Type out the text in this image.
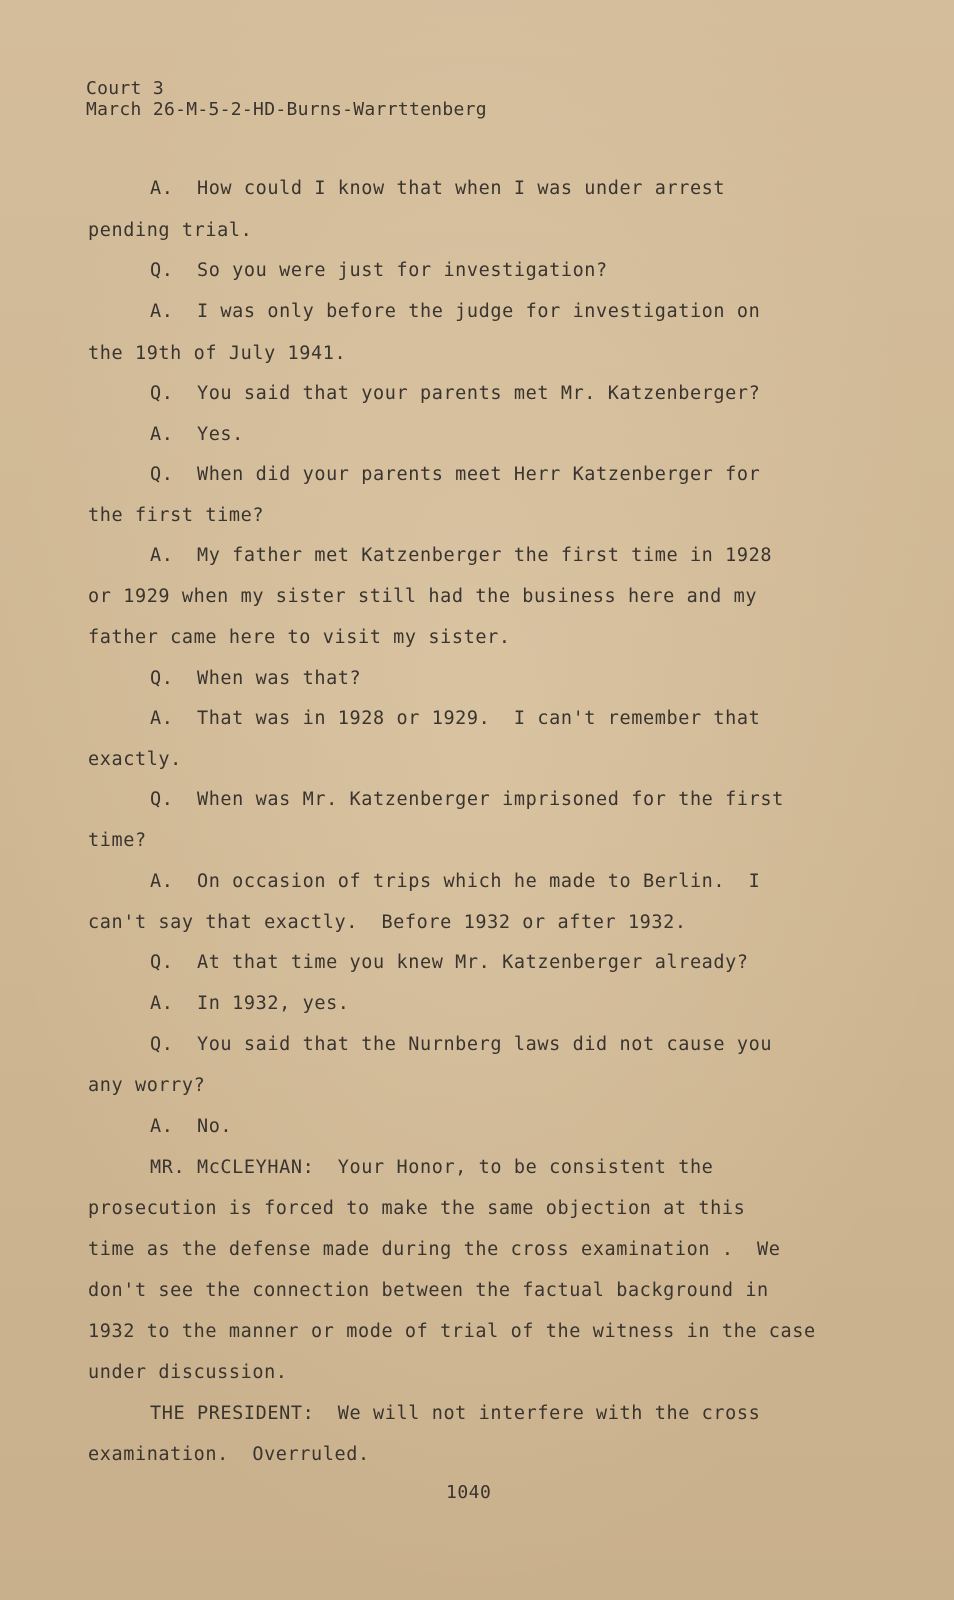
Court 3
March 26-M-5-2-HD-Burns-Warrttenberg
A.  How could I know that when I was under arrest
pending trial.
Q.  So you were just for investigation?
A.  I was only before the judge for investigation on
the 19th of July 1941.
Q.  You said that your parents met Mr. Katzenberger?
A.  Yes.
Q.  When did your parents meet Herr Katzenberger for
the first time?
A.  My father met Katzenberger the first time in 1928
or 1929 when my sister still had the business here and my
father came here to visit my sister.
Q.  When was that?
A.  That was in 1928 or 1929.  I can't remember that
exactly.
Q.  When was Mr. Katzenberger imprisoned for the first
time?
A.  On occasion of trips which he made to Berlin.  I
can't say that exactly.  Before 1932 or after 1932.
Q.  At that time you knew Mr. Katzenberger already?
A.  In 1932, yes.
Q.  You said that the Nurnberg laws did not cause you
any worry?
A.  No.
MR. McCLEYHAN:  Your Honor, to be consistent the
prosecution is forced to make the same objection at this
time as the defense made during the cross examination .  We
don't see the connection between the factual background in
1932 to the manner or mode of trial of the witness in the case
under discussion.
THE PRESIDENT:  We will not interfere with the cross
examination.  Overruled.
1040
